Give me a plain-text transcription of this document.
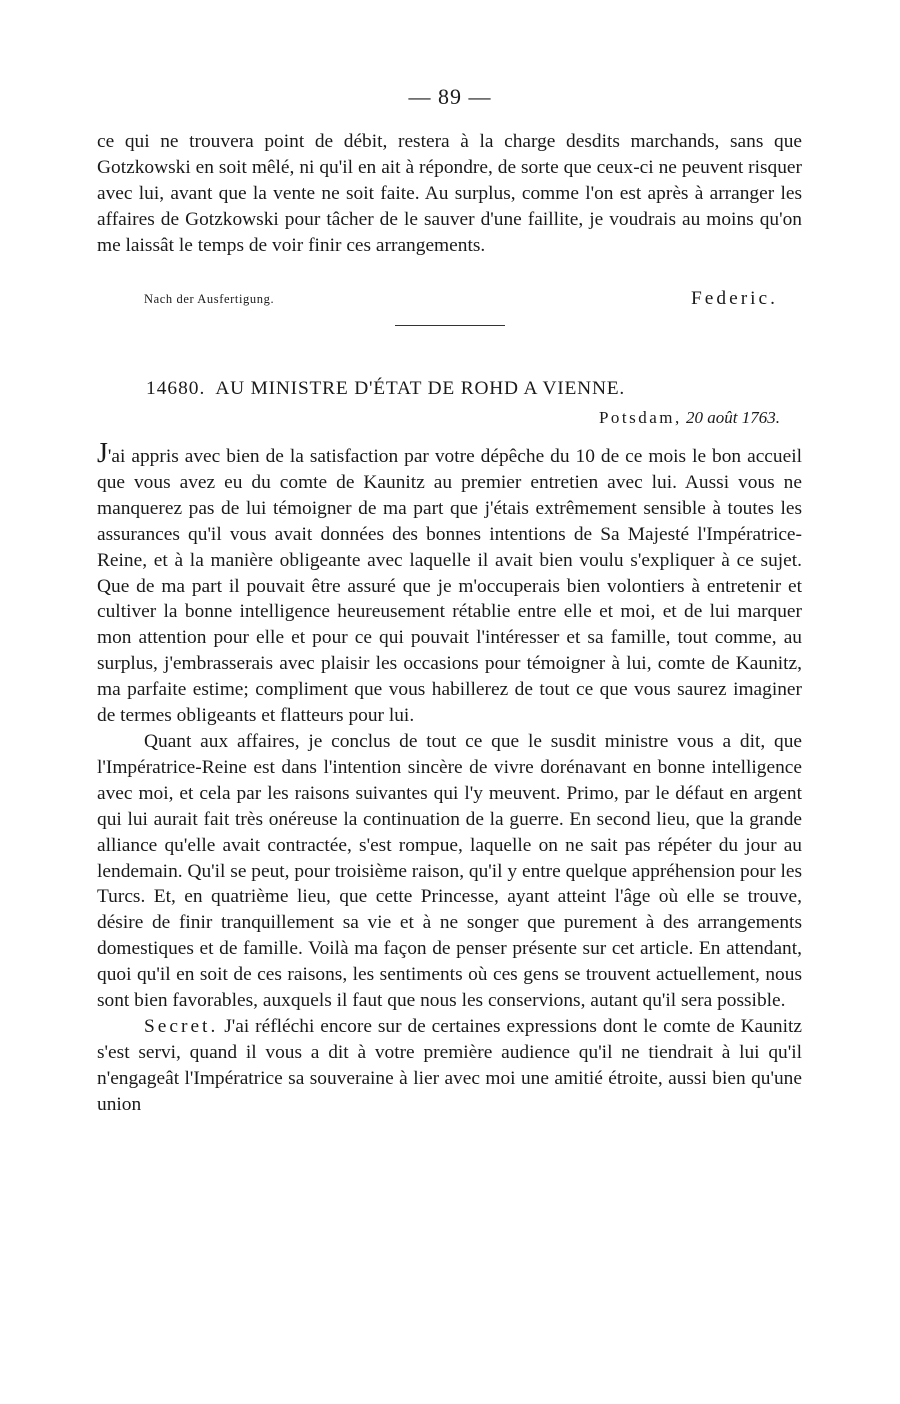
— 89 —

ce qui ne trouvera point de débit, restera à la charge desdits marchands, sans que Gotzkowski en soit mêlé, ni qu'il en ait à répondre, de sorte que ceux-ci ne peuvent risquer avec lui, avant que la vente ne soit faite. Au surplus, comme l'on est après à arranger les affaires de Gotzkowski pour tâcher de le sauver d'une faillite, je voudrais au moins qu'on me laissât le temps de voir finir ces arrangements.

Nach der Ausfertigung.	Federic.
14680. AU MINISTRE D'ÉTAT DE ROHD A VIENNE.
Potsdam, 20 août 1763.

J'ai appris avec bien de la satisfaction par votre dépêche du 10 de ce mois le bon accueil que vous avez eu du comte de Kaunitz au premier entretien avec lui. Aussi vous ne manquerez pas de lui témoigner de ma part que j'étais extrêmement sensible à toutes les assurances qu'il vous avait données des bonnes intentions de Sa Majesté l'Impératrice-Reine, et à la manière obligeante avec laquelle il avait bien voulu s'expliquer à ce sujet. Que de ma part il pouvait être assuré que je m'occuperais bien volontiers à entretenir et cultiver la bonne intelligence heureusement rétablie entre elle et moi, et de lui marquer mon attention pour elle et pour ce qui pouvait l'intéresser et sa famille, tout comme, au surplus, j'embrasserais avec plaisir les occasions pour témoigner à lui, comte de Kaunitz, ma parfaite estime; compliment que vous habillerez de tout ce que vous saurez imaginer de termes obligeants et flatteurs pour lui.

Quant aux affaires, je conclus de tout ce que le susdit ministre vous a dit, que l'Impératrice-Reine est dans l'intention sincère de vivre dorénavant en bonne intelligence avec moi, et cela par les raisons suivantes qui l'y meuvent. Primo, par le défaut en argent qui lui aurait fait très onéreuse la continuation de la guerre. En second lieu, que la grande alliance qu'elle avait contractée, s'est rompue, laquelle on ne sait pas répéter du jour au lendemain. Qu'il se peut, pour troisième raison, qu'il y entre quelque appréhension pour les Turcs. Et, en quatrième lieu, que cette Princesse, ayant atteint l'âge où elle se trouve, désire de finir tranquillement sa vie et à ne songer que purement à des arrangements domestiques et de famille. Voilà ma façon de penser présente sur cet article. En attendant, quoi qu'il en soit de ces raisons, les sentiments où ces gens se trouvent actuellement, nous sont bien favorables, auxquels il faut que nous les conservions, autant qu'il sera possible.

Secret. J'ai réfléchi encore sur de certaines expressions dont le comte de Kaunitz s'est servi, quand il vous a dit à votre première audience qu'il ne tiendrait à lui qu'il n'engageât l'Impératrice sa souveraine à lier avec moi une amitié étroite, aussi bien qu'une union
